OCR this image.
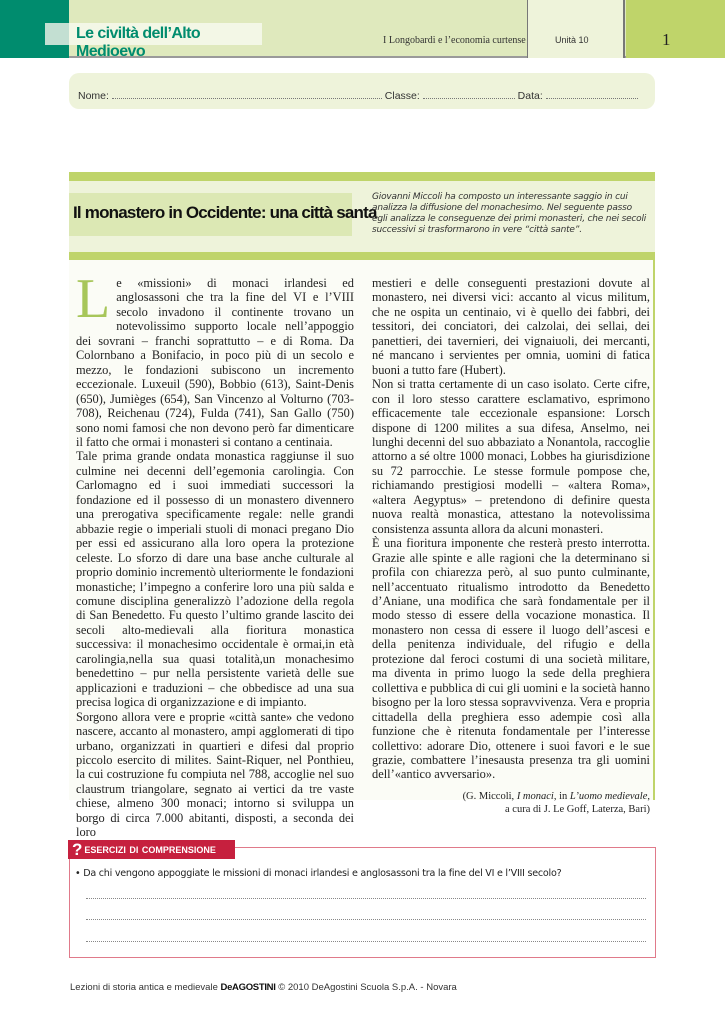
Le civiltà dell’Alto Medioevo
I Longobardi e l’economia curtense	Unità 10	1
Nome:	Classe:	Data:
Il monastero in Occidente: una città santa
Giovanni Miccoli ha composto un interessante saggio in cui analizza la diffusione del monachesimo. Nel seguente passo egli analizza le conseguenze dei primi monasteri, che nei secoli successivi si trasformarono in vere “città sante”.

Le «missioni» di monaci irlandesi ed anglosassoni che tra la fine del VI e l’VIII secolo invadono il continente trovano un notevolissimo supporto locale nell’appoggio dei sovrani – franchi soprattutto – e di Roma. Da Colornbano a Bonifacio, in poco più di un secolo e mezzo, le fondazioni subiscono un incremento eccezionale. Luxeuil (590), Bobbio (613), Saint-Denis (650), Jumièges (654), San Vincenzo al Volturno (703-708), Reichenau (724), Fulda (741), San Gallo (750) sono nomi famosi che non devono però far dimenticare il fatto che ormai i monasteri si contano a centinaia.

Tale prima grande ondata monastica raggiunse il suo culmine nei decenni dell’egemonia carolingia. Con Carlomagno ed i suoi immediati successori la fondazione ed il possesso di un monastero divennero una prerogativa specificamente regale: nelle grandi abbazie regie o imperiali stuoli di monaci pregano Dio per essi ed assicurano alla loro opera la protezione celeste. Lo sforzo di dare una base anche culturale al proprio dominio incrementò ulteriormente le fondazioni monastiche; l’impegno a conferire loro una più salda e comune disciplina generalizzò l’adozione della regola di San Benedetto. Fu questo l’ultimo grande lascito dei secoli alto-medievali alla fioritura monastica successiva: il monachesimo occidentale è ormai,in età carolingia,nella sua quasi totalità,un monachesimo benedettino – pur nella persistente varietà delle sue applicazioni e traduzioni – che obbedisce ad una sua precisa logica di organizzazione e di impianto.

Sorgono allora vere e proprie «città sante» che vedono nascere, accanto al monastero, ampi agglomerati di tipo urbano, organizzati in quartieri e difesi dal proprio piccolo esercito di milites. Saint-Riquer, nel Ponthieu, la cui costruzione fu compiuta nel 788, accoglie nel suo claustrum triangolare, segnato ai vertici da tre vaste chiese, almeno 300 monaci; intorno si sviluppa un borgo di circa 7.000 abitanti, disposti, a seconda dei loro

mestieri e delle conseguenti prestazioni dovute al monastero, nei diversi vici: accanto al vicus militum, che ne ospita un centinaio, vi è quello dei fabbri, dei tessitori, dei conciatori, dei calzolai, dei sellai, dei panettieri, dei tavernieri, dei vignaiuoli, dei mercanti, né mancano i servientes per omnia, uomini di fatica buoni a tutto fare (Hubert).

Non si tratta certamente di un caso isolato. Certe cifre, con il loro stesso carattere esclamativo, esprimono efficacemente tale eccezionale espansione: Lorsch dispone di 1200 milites a sua difesa, Anselmo, nei lunghi decenni del suo abbaziato a Nonantola, raccoglie attorno a sé oltre 1000 monaci, Lobbes ha giurisdizione su 72 parrocchie. Le stesse formule pompose che, richiamando prestigiosi modelli – «altera Roma», «altera Aegyptus» – pretendono di definire questa nuova realtà monastica, attestano la notevolissima consistenza assunta allora da alcuni monasteri.

È una fioritura imponente che resterà presto interrotta. Grazie alle spinte e alle ragioni che la determinano si profila con chiarezza però, al suo punto culminante, nell’accentuato ritualismo introdotto da Benedetto d’Aniane, una modifica che sarà fondamentale per il modo stesso di essere della vocazione monastica. Il monastero non cessa di essere il luogo dell’ascesi e della penitenza individuale, del rifugio e della protezione dal feroci costumi di una società militare, ma diventa in primo luogo la sede della preghiera collettiva e pubblica di cui gli uomini e la società hanno bisogno per la loro stessa sopravvivenza. Vera e propria cittadella della preghiera esso adempie così alla funzione che è ritenuta fondamentale per l’interesse collettivo: adorare Dio, ottenere i suoi favori e le sue grazie, combattere l’inesausta presenza tra gli uomini dell’«antico avversario».

(G. Miccoli, I monaci, in L’uomo medievale,
a cura di J. Le Goff, Laterza, Bari)
? esercizi di comprensione
• Da chi vengono appoggiate le missioni di monaci irlandesi e anglosassoni tra la fine del VI e l’VIII secolo?
Lezioni di storia antica e medievale DeAGOSTINI © 2010 DeAgostini Scuola S.p.A. - Novara
